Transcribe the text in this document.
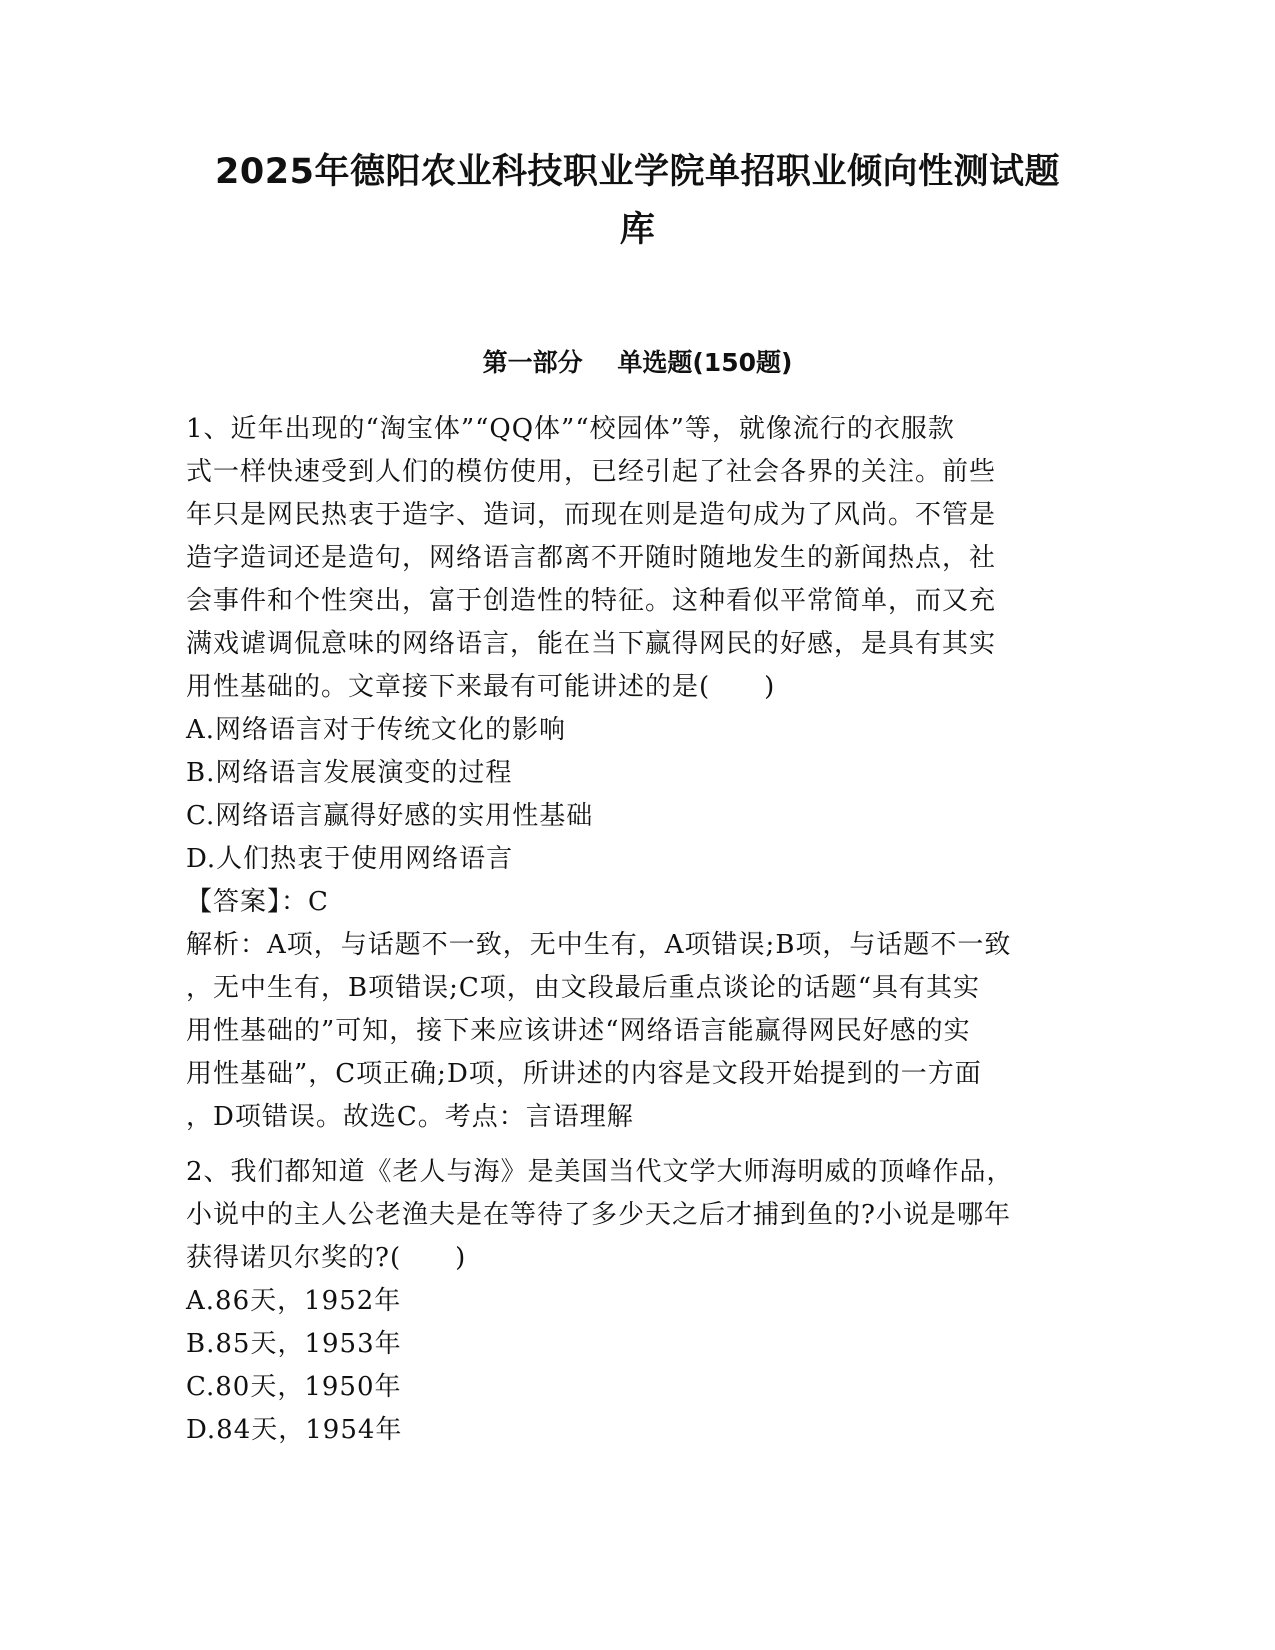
2025年德阳农业科技职业学院单招职业倾向性测试题
库
第一部分    单选题(150题)
1、近年出现的“淘宝体”“QQ体”“校园体”等，就像流行的衣服款
式一样快速受到人们的模仿使用，已经引起了社会各界的关注。前些
年只是网民热衷于造字、造词，而现在则是造句成为了风尚。不管是
造字造词还是造句，网络语言都离不开随时随地发生的新闻热点，社
会事件和个性突出，富于创造性的特征。这种看似平常简单，而又充
满戏谑调侃意味的网络语言，能在当下赢得网民的好感，是具有其实
用性基础的。文章接下来最有可能讲述的是(　　)
A.网络语言对于传统文化的影响
B.网络语言发展演变的过程
C.网络语言赢得好感的实用性基础
D.人们热衷于使用网络语言
【答案】：C
解析：A项，与话题不一致，无中生有，A项错误;B项，与话题不一致
，无中生有，B项错误;C项，由文段最后重点谈论的话题“具有其实
用性基础的”可知，接下来应该讲述“网络语言能赢得网民好感的实
用性基础”，C项正确;D项，所讲述的内容是文段开始提到的一方面
，D项错误。故选C。考点：言语理解
2、我们都知道《老人与海》是美国当代文学大师海明威的顶峰作品，
小说中的主人公老渔夫是在等待了多少天之后才捕到鱼的?小说是哪年
获得诺贝尔奖的?(　　)
A.86天，1952年
B.85天，1953年
C.80天，1950年
D.84天，1954年
